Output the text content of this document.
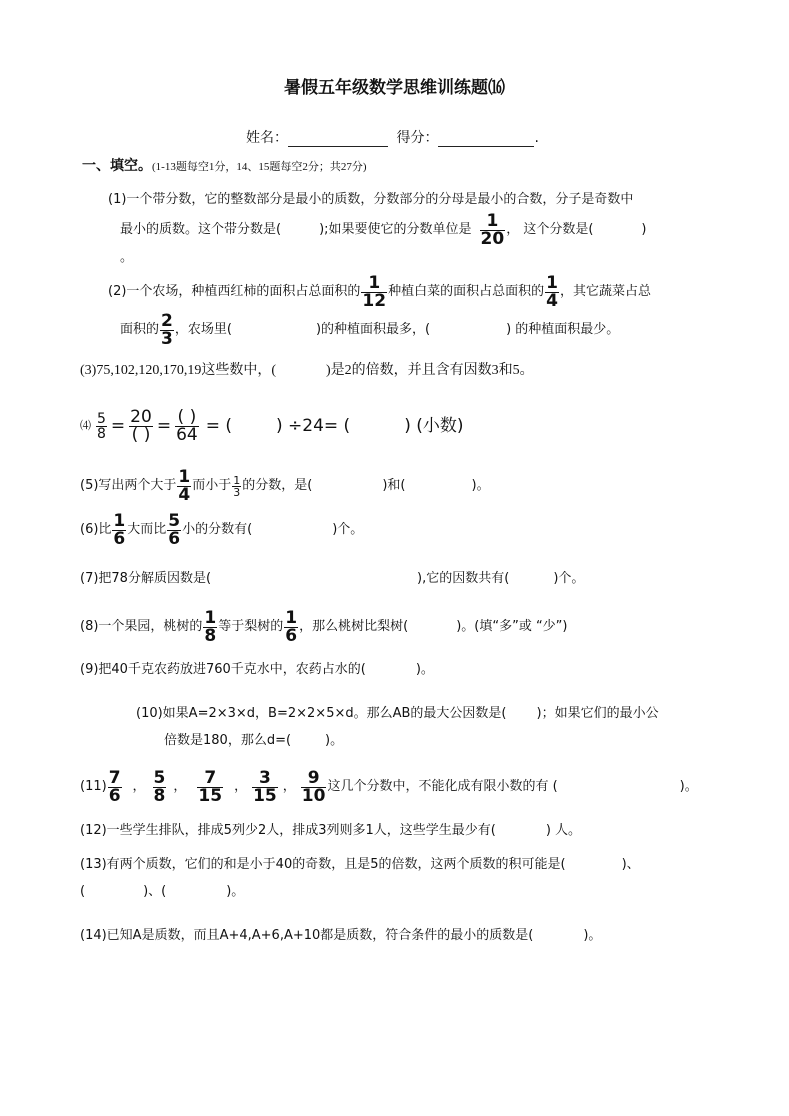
暑假五年级数学思维训练题⒃
姓名：	得分：	.
一、填空。(1-13题每空1分，14、15题每空2分；共27分)
(1)一个带分数，它的整数部分是最小的质数，分数部分的分母是最小的合数，分子是奇数中
最小的质数。这个带分数是(	);如果要使它的分数单位是 $\frac{1}{20}$ ， 这个分数是(	)
。
(2)一个农场，种植西红柿的面积占总面积的 $\frac{1}{12}$ 种植白菜的面积占总面积的 $\frac{1}{4}$ ，其它蔬菜占总
面积的 $\frac{2}{3}$ ，农场里(	)的种植面积最多，(	) 的种植面积最少。
(3)75,102,120,170,19这些数中，(	)是2的倍数，并且含有因数3和5。
⑷ $\frac{5}{8} = \frac{20}{( )} = \frac{( )}{64}$ = (	) ÷24= (	) (小数)
(5)写出两个大于 $\frac{1}{4}$ 而小于 $\frac{1}{3}$ 的分数，是(	)和(	)。
(6)比 $\frac{1}{6}$ 大而比 $\frac{5}{6}$ 小的分数有(	)个。
(7)把78分解质因数是(	),它的因数共有(	)个。
(8)一个果园，桃树的 $\frac{1}{8}$ 等于梨树的 $\frac{1}{6}$ ，那么桃树比梨树(	)。(填“多”或 “少”)
(9)把40千克农药放进760千克水中，农药占水的(	)。
(10)如果A=2×3×d，B=2×2×5×d。那么AB的最大公因数是( )；如果它们的最小公
倍数是180，那么d=(	)。
$(11) \frac{7}{6}$ ， $\frac{5}{8}$ ， $\frac{7}{15}$ ， $\frac{3}{15}$ ， $\frac{9}{10}$ 这几个分数中，不能化成有限小数的有 (	)。
(12)一些学生排队，排成5列少2人，排成3列则多1人，这些学生最少有(	) 人。
(13)有两个质数，它们的和是小于40的奇数，且是5的倍数，这两个质数的积可能是(	)、
(	)、(	)。
(14)已知A是质数，而且A+4,A+6,A+10都是质数，符合条件的最小的质数是(	)。
